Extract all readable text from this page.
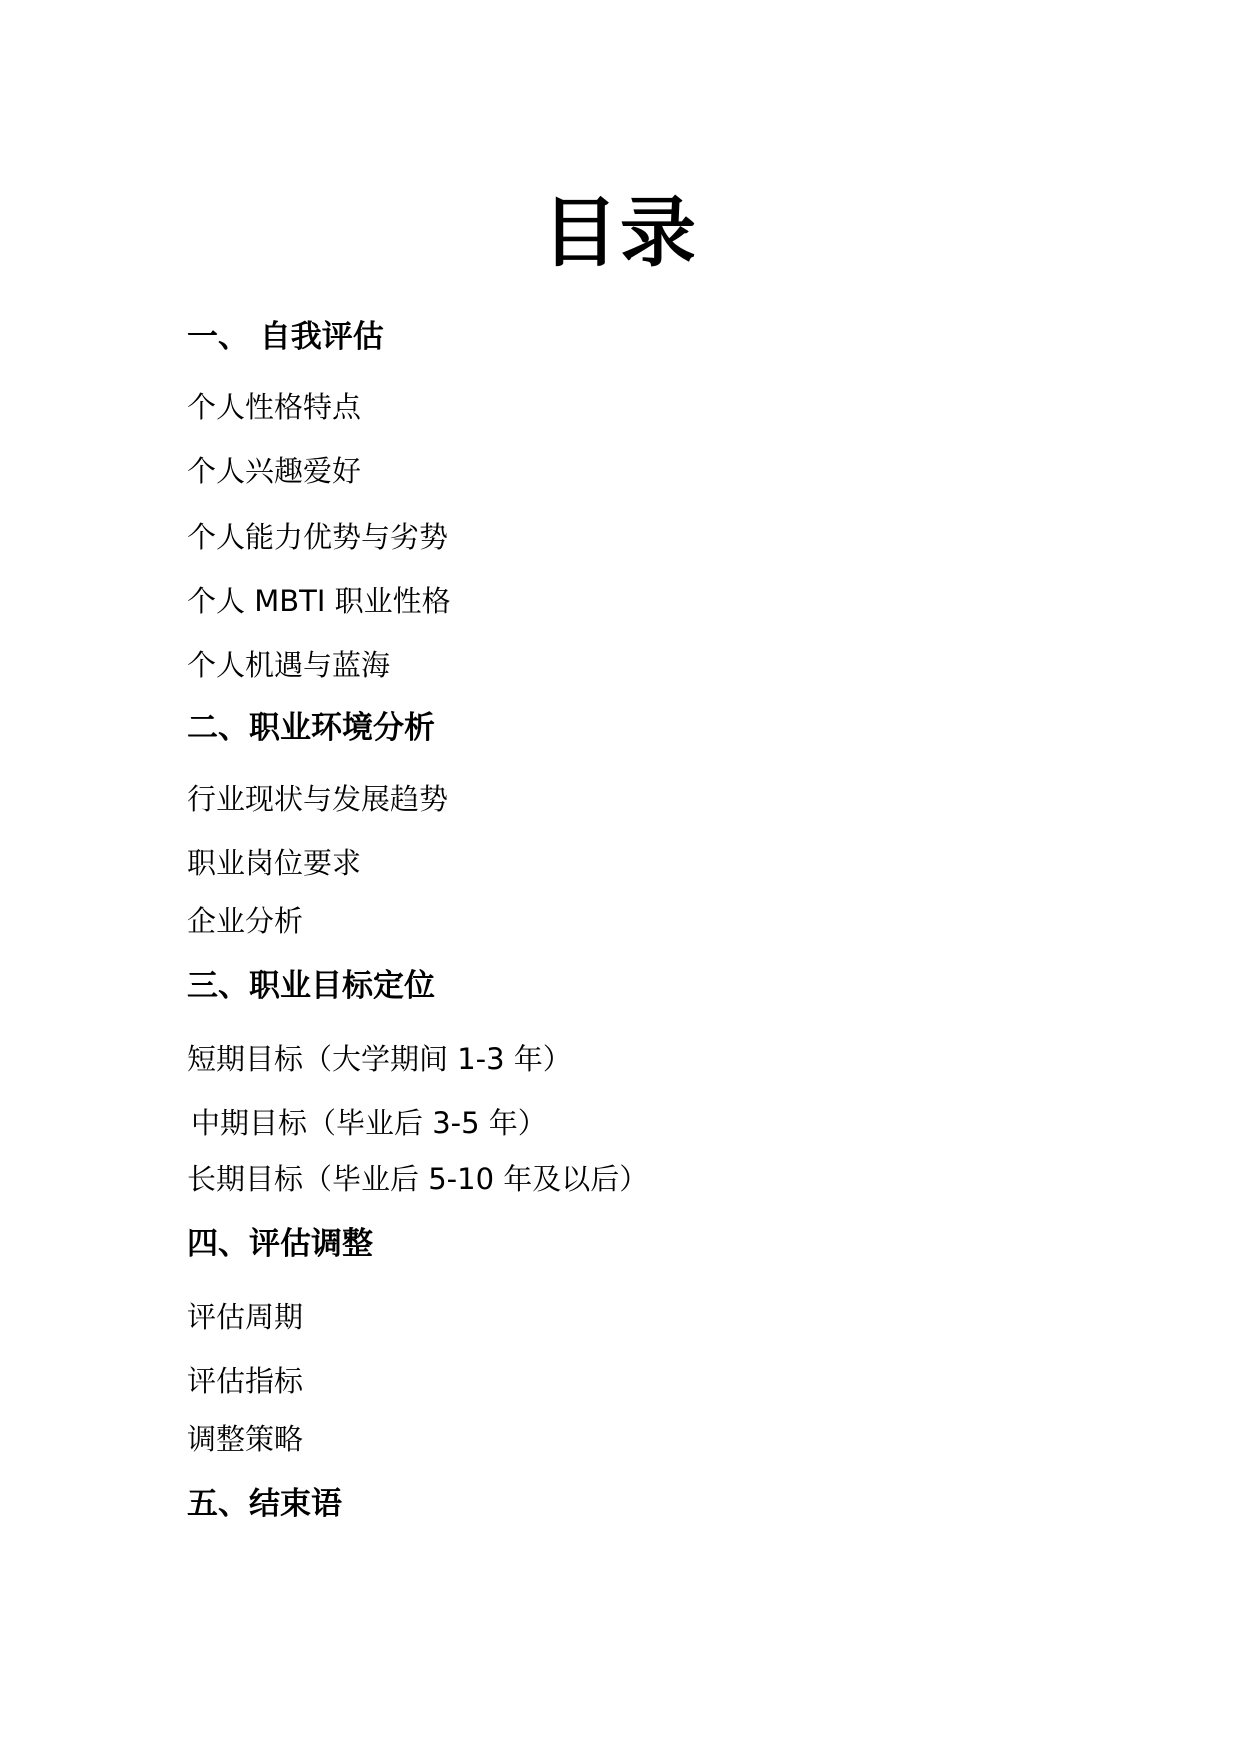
目录
一、 自我评估
个人性格特点
个人兴趣爱好
个人能力优势与劣势
个人 MBTI 职业性格
个人机遇与蓝海
二、职业环境分析
行业现状与发展趋势
职业岗位要求
企业分析
三、职业目标定位
短期目标（大学期间 1-3 年）
中期目标（毕业后 3-5 年）
长期目标（毕业后 5-10 年及以后）
四、评估调整
评估周期
评估指标
调整策略
五、结束语
